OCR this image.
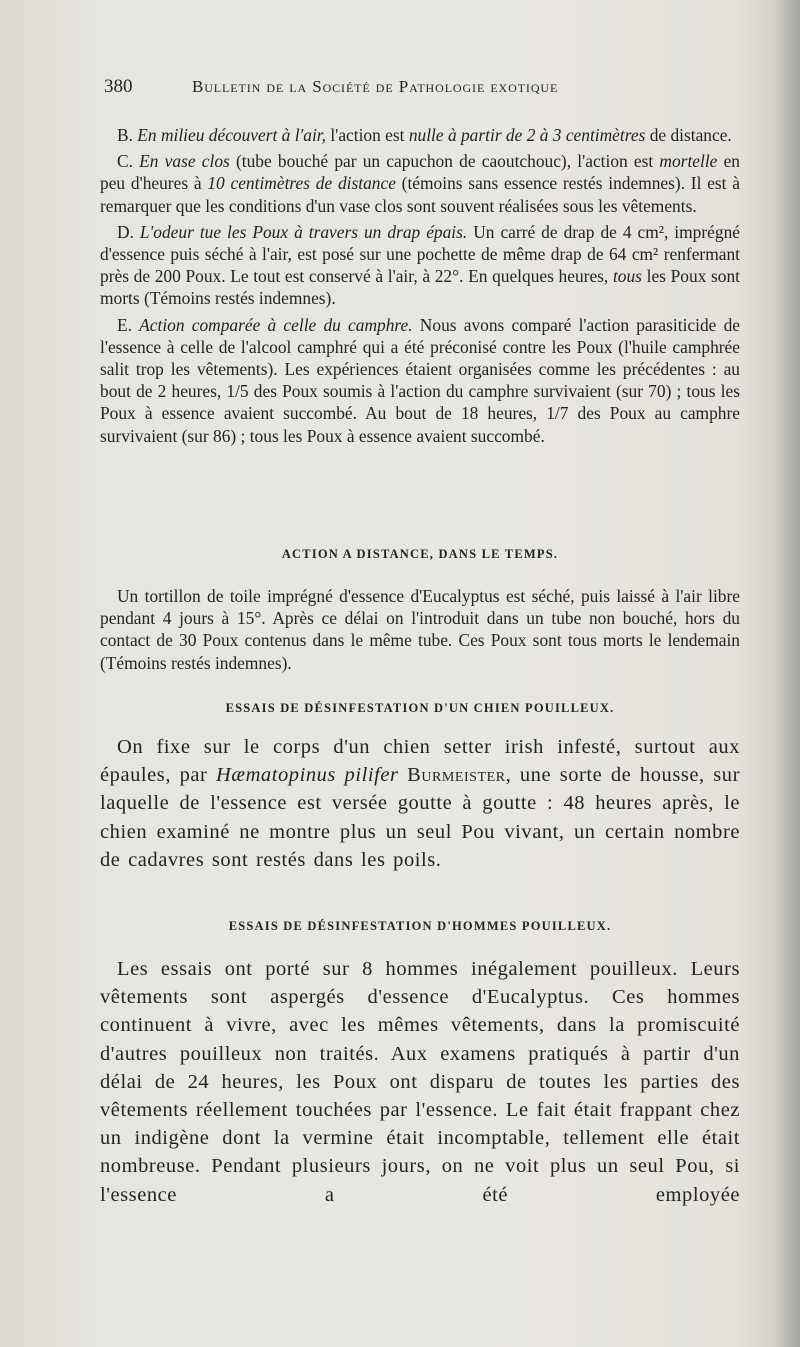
380	Bulletin de la Société de Pathologie exotique

B. En milieu découvert à l'air, l'action est nulle à partir de 2 à 3 centimètres de distance.

C. En vase clos (tube bouché par un capuchon de caoutchouc), l'action est mortelle en peu d'heures à 10 centimètres de distance (témoins sans essence restés indemnes). Il est à remarquer que les conditions d'un vase clos sont souvent réalisées sous les vêtements.

D. L'odeur tue les Poux à travers un drap épais. Un carré de drap de 4 cm², imprégné d'essence puis séché à l'air, est posé sur une pochette de même drap de 64 cm² renfermant près de 200 Poux. Le tout est conservé à l'air, à 22°. En quelques heures, tous les Poux sont morts (Témoins restés indemnes).

E. Action comparée à celle du camphre. Nous avons comparé l'action parasiticide de l'essence à celle de l'alcool camphré qui a été préconisé contre les Poux (l'huile camphrée salit trop les vêtements). Les expériences étaient organisées comme les précédentes : au bout de 2 heures, 1/5 des Poux soumis à l'action du camphre survivaient (sur 70) ; tous les Poux à essence avaient succombé. Au bout de 18 heures, 1/7 des Poux au camphre survivaient (sur 86) ; tous les Poux à essence avaient succombé.

ACTION A DISTANCE, DANS LE TEMPS.

Un tortillon de toile imprégné d'essence d'Eucalyptus est séché, puis laissé à l'air libre pendant 4 jours à 15°. Après ce délai on l'introduit dans un tube non bouché, hors du contact de 30 Poux contenus dans le même tube. Ces Poux sont tous morts le lendemain (Témoins restés indemnes).

ESSAIS DE DÉSINFESTATION D'UN CHIEN POUILLEUX.

On fixe sur le corps d'un chien setter irish infesté, surtout aux épaules, par Hæmatopinus pilifer Burmeister, une sorte de housse, sur laquelle de l'essence est versée goutte à goutte : 48 heures après, le chien examiné ne montre plus un seul Pou vivant, un certain nombre de cadavres sont restés dans les poils.

ESSAIS DE DÉSINFESTATION D'HOMMES POUILLEUX.

Les essais ont porté sur 8 hommes inégalement pouilleux. Leurs vêtements sont aspergés d'essence d'Eucalyptus. Ces hommes continuent à vivre, avec les mêmes vêtements, dans la promiscuité d'autres pouilleux non traités. Aux examens pratiqués à partir d'un délai de 24 heures, les Poux ont disparu de toutes les parties des vêtements réellement touchées par l'essence. Le fait était frappant chez un indigène dont la vermine était incomptable, tellement elle était nombreuse. Pendant plusieurs jours, on ne voit plus un seul Pou, si l'essence a été employée
